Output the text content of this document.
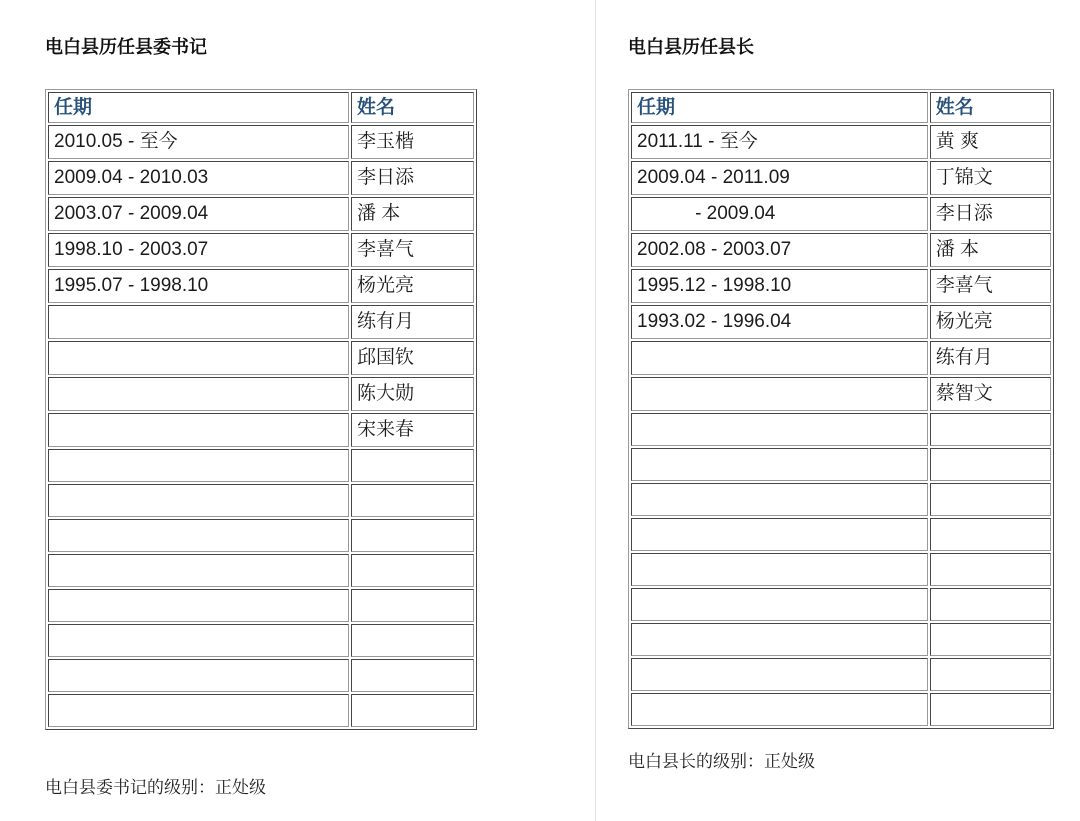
电白县历任县委书记
任期	姓名
2010.05 - 至今	李玉楷
2009.04 - 2010.03	李日添
2003.07 - 2009.04	潘 本
1998.10 - 2003.07	李喜气
1995.07 - 1998.10	杨光亮
	练有月
	邱国钦
	陈大勋
	宋来春

电白县委书记的级别：正处级
电白县历任县长
任期	姓名
2011.11 - 至今	黄 爽
2009.04 - 2011.09	丁锦文
- 2009.04	李日添
2002.08 - 2003.07	潘 本
1995.12 - 1998.10	李喜气
1993.02 - 1996.04	杨光亮
	练有月
	蔡智文

电白县长的级别：正处级
